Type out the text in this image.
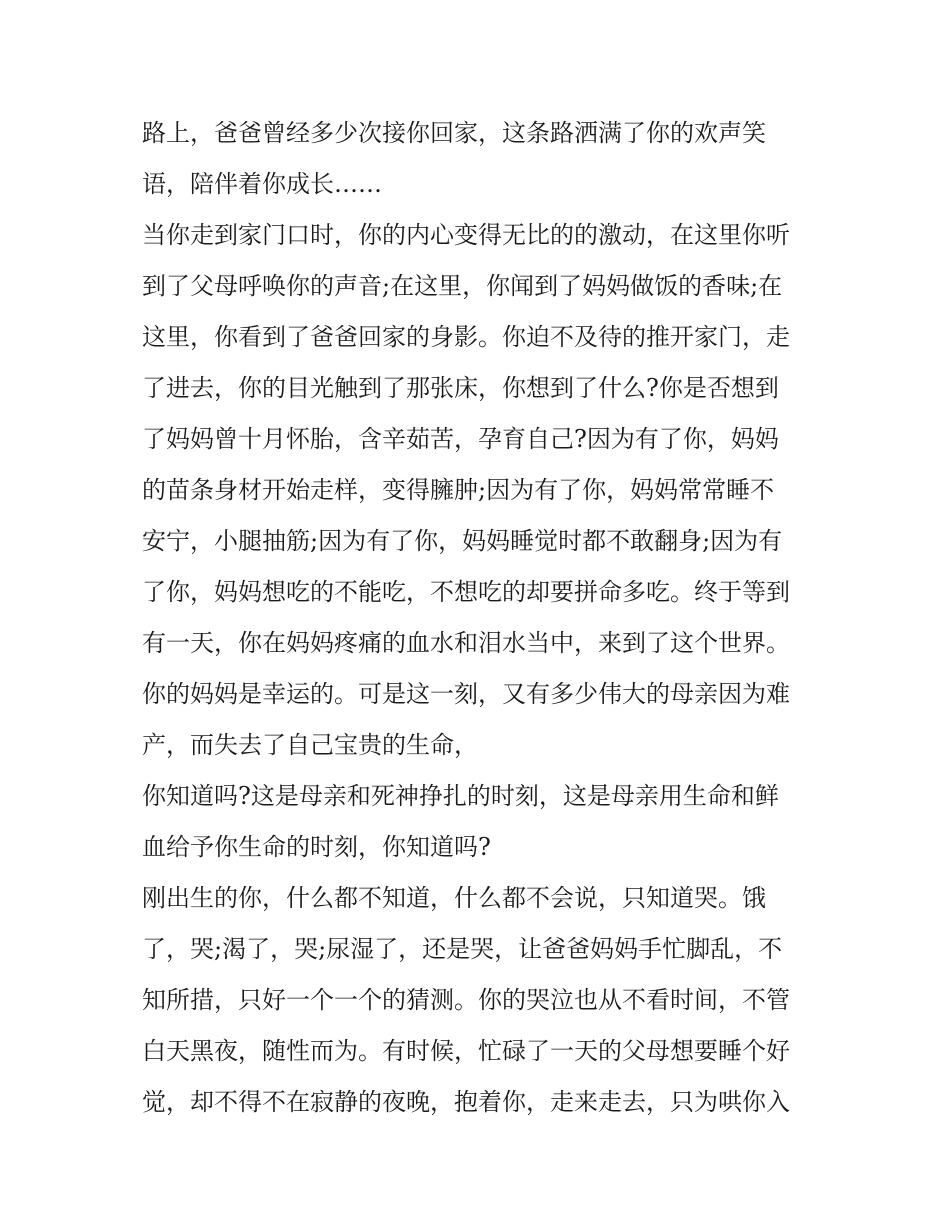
路上，爸爸曾经多少次接你回家，这条路洒满了你的欢声笑
语，陪伴着你成长……
当你走到家门口时，你的内心变得无比的的激动，在这里你听
到了父母呼唤你的声音;在这里，你闻到了妈妈做饭的香味;在
这里，你看到了爸爸回家的身影。你迫不及待的推开家门，走
了进去，你的目光触到了那张床，你想到了什么?你是否想到
了妈妈曾十月怀胎，含辛茹苦，孕育自己?因为有了你，妈妈
的苗条身材开始走样，变得臃肿;因为有了你，妈妈常常睡不
安宁，小腿抽筋;因为有了你，妈妈睡觉时都不敢翻身;因为有
了你，妈妈想吃的不能吃，不想吃的却要拼命多吃。终于等到
有一天，你在妈妈疼痛的血水和泪水当中，来到了这个世界。
你的妈妈是幸运的。可是这一刻，又有多少伟大的母亲因为难
产，而失去了自己宝贵的生命，
你知道吗?这是母亲和死神挣扎的时刻，这是母亲用生命和鲜
血给予你生命的时刻，你知道吗?
刚出生的你，什么都不知道，什么都不会说，只知道哭。饿
了，哭;渴了，哭;尿湿了，还是哭，让爸爸妈妈手忙脚乱，不
知所措，只好一个一个的猜测。你的哭泣也从不看时间，不管
白天黑夜，随性而为。有时候，忙碌了一天的父母想要睡个好
觉，却不得不在寂静的夜晚，抱着你，走来走去，只为哄你入
